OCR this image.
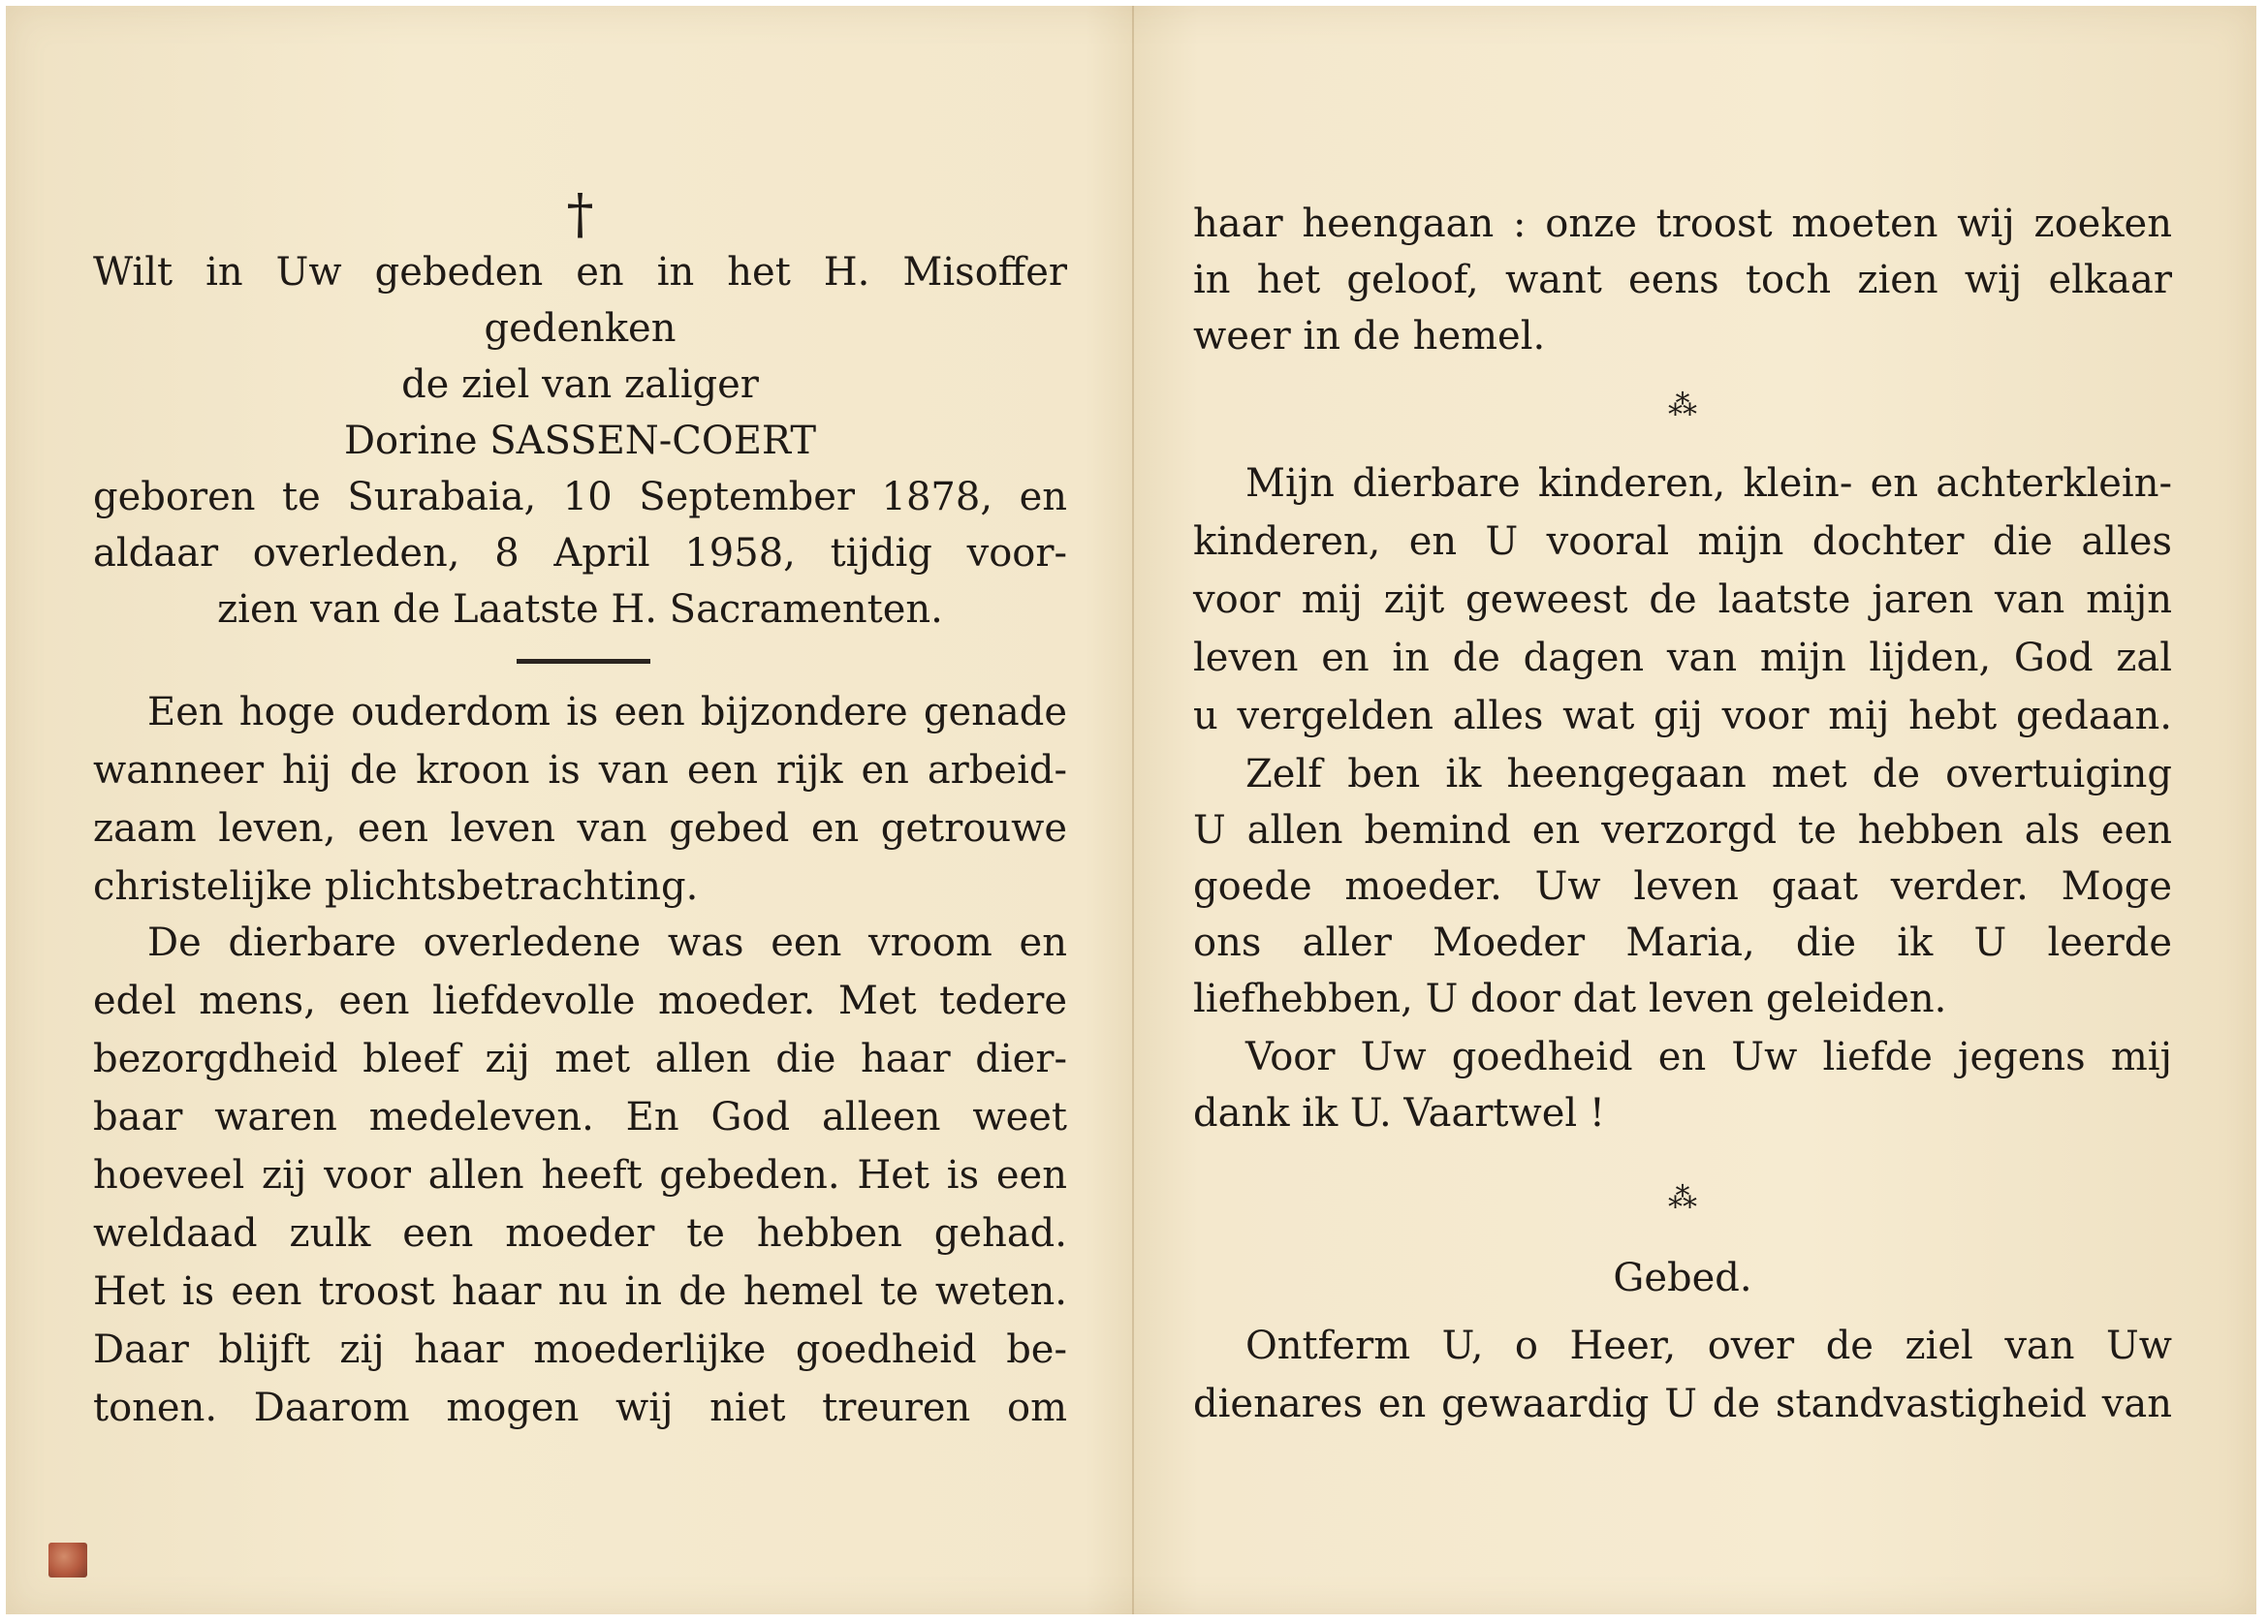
†
Wilt in Uw gebeden en in het H. Misoffer
gedenken
de ziel van zaliger
Dorine SASSEN-COERT
geboren te Surabaia, 10 September 1878, en
aldaar overleden, 8 April 1958, tijdig voor-
zien van de Laatste H. Sacramenten.
Een hoge ouderdom is een bijzondere genade
wanneer hij de kroon is van een rijk en arbeid-
zaam leven, een leven van gebed en getrouwe
christelijke plichtsbetrachting.
De dierbare overledene was een vroom en
edel mens, een liefdevolle moeder. Met tedere
bezorgdheid bleef zij met allen die haar dier-
baar waren medeleven. En God alleen weet
hoeveel zij voor allen heeft gebeden. Het is een
weldaad zulk een moeder te hebben gehad.
Het is een troost haar nu in de hemel te weten.
Daar blijft zij haar moederlijke goedheid be-
tonen. Daarom mogen wij niet treuren om
haar heengaan : onze troost moeten wij zoeken
in het geloof, want eens toch zien wij elkaar
weer in de hemel.
⁂
Mijn dierbare kinderen, klein- en achterklein-
kinderen, en U vooral mijn dochter die alles
voor mij zijt geweest de laatste jaren van mijn
leven en in de dagen van mijn lijden, God zal
u vergelden alles wat gij voor mij hebt gedaan.
Zelf ben ik heengegaan met de overtuiging
U allen bemind en verzorgd te hebben als een
goede moeder. Uw leven gaat verder. Moge
ons aller Moeder Maria, die ik U leerde
liefhebben, U door dat leven geleiden.
Voor Uw goedheid en Uw liefde jegens mij
dank ik U. Vaartwel !
⁂
Gebed.
Ontferm U, o Heer, over de ziel van Uw
dienares en gewaardig U de standvastigheid van
